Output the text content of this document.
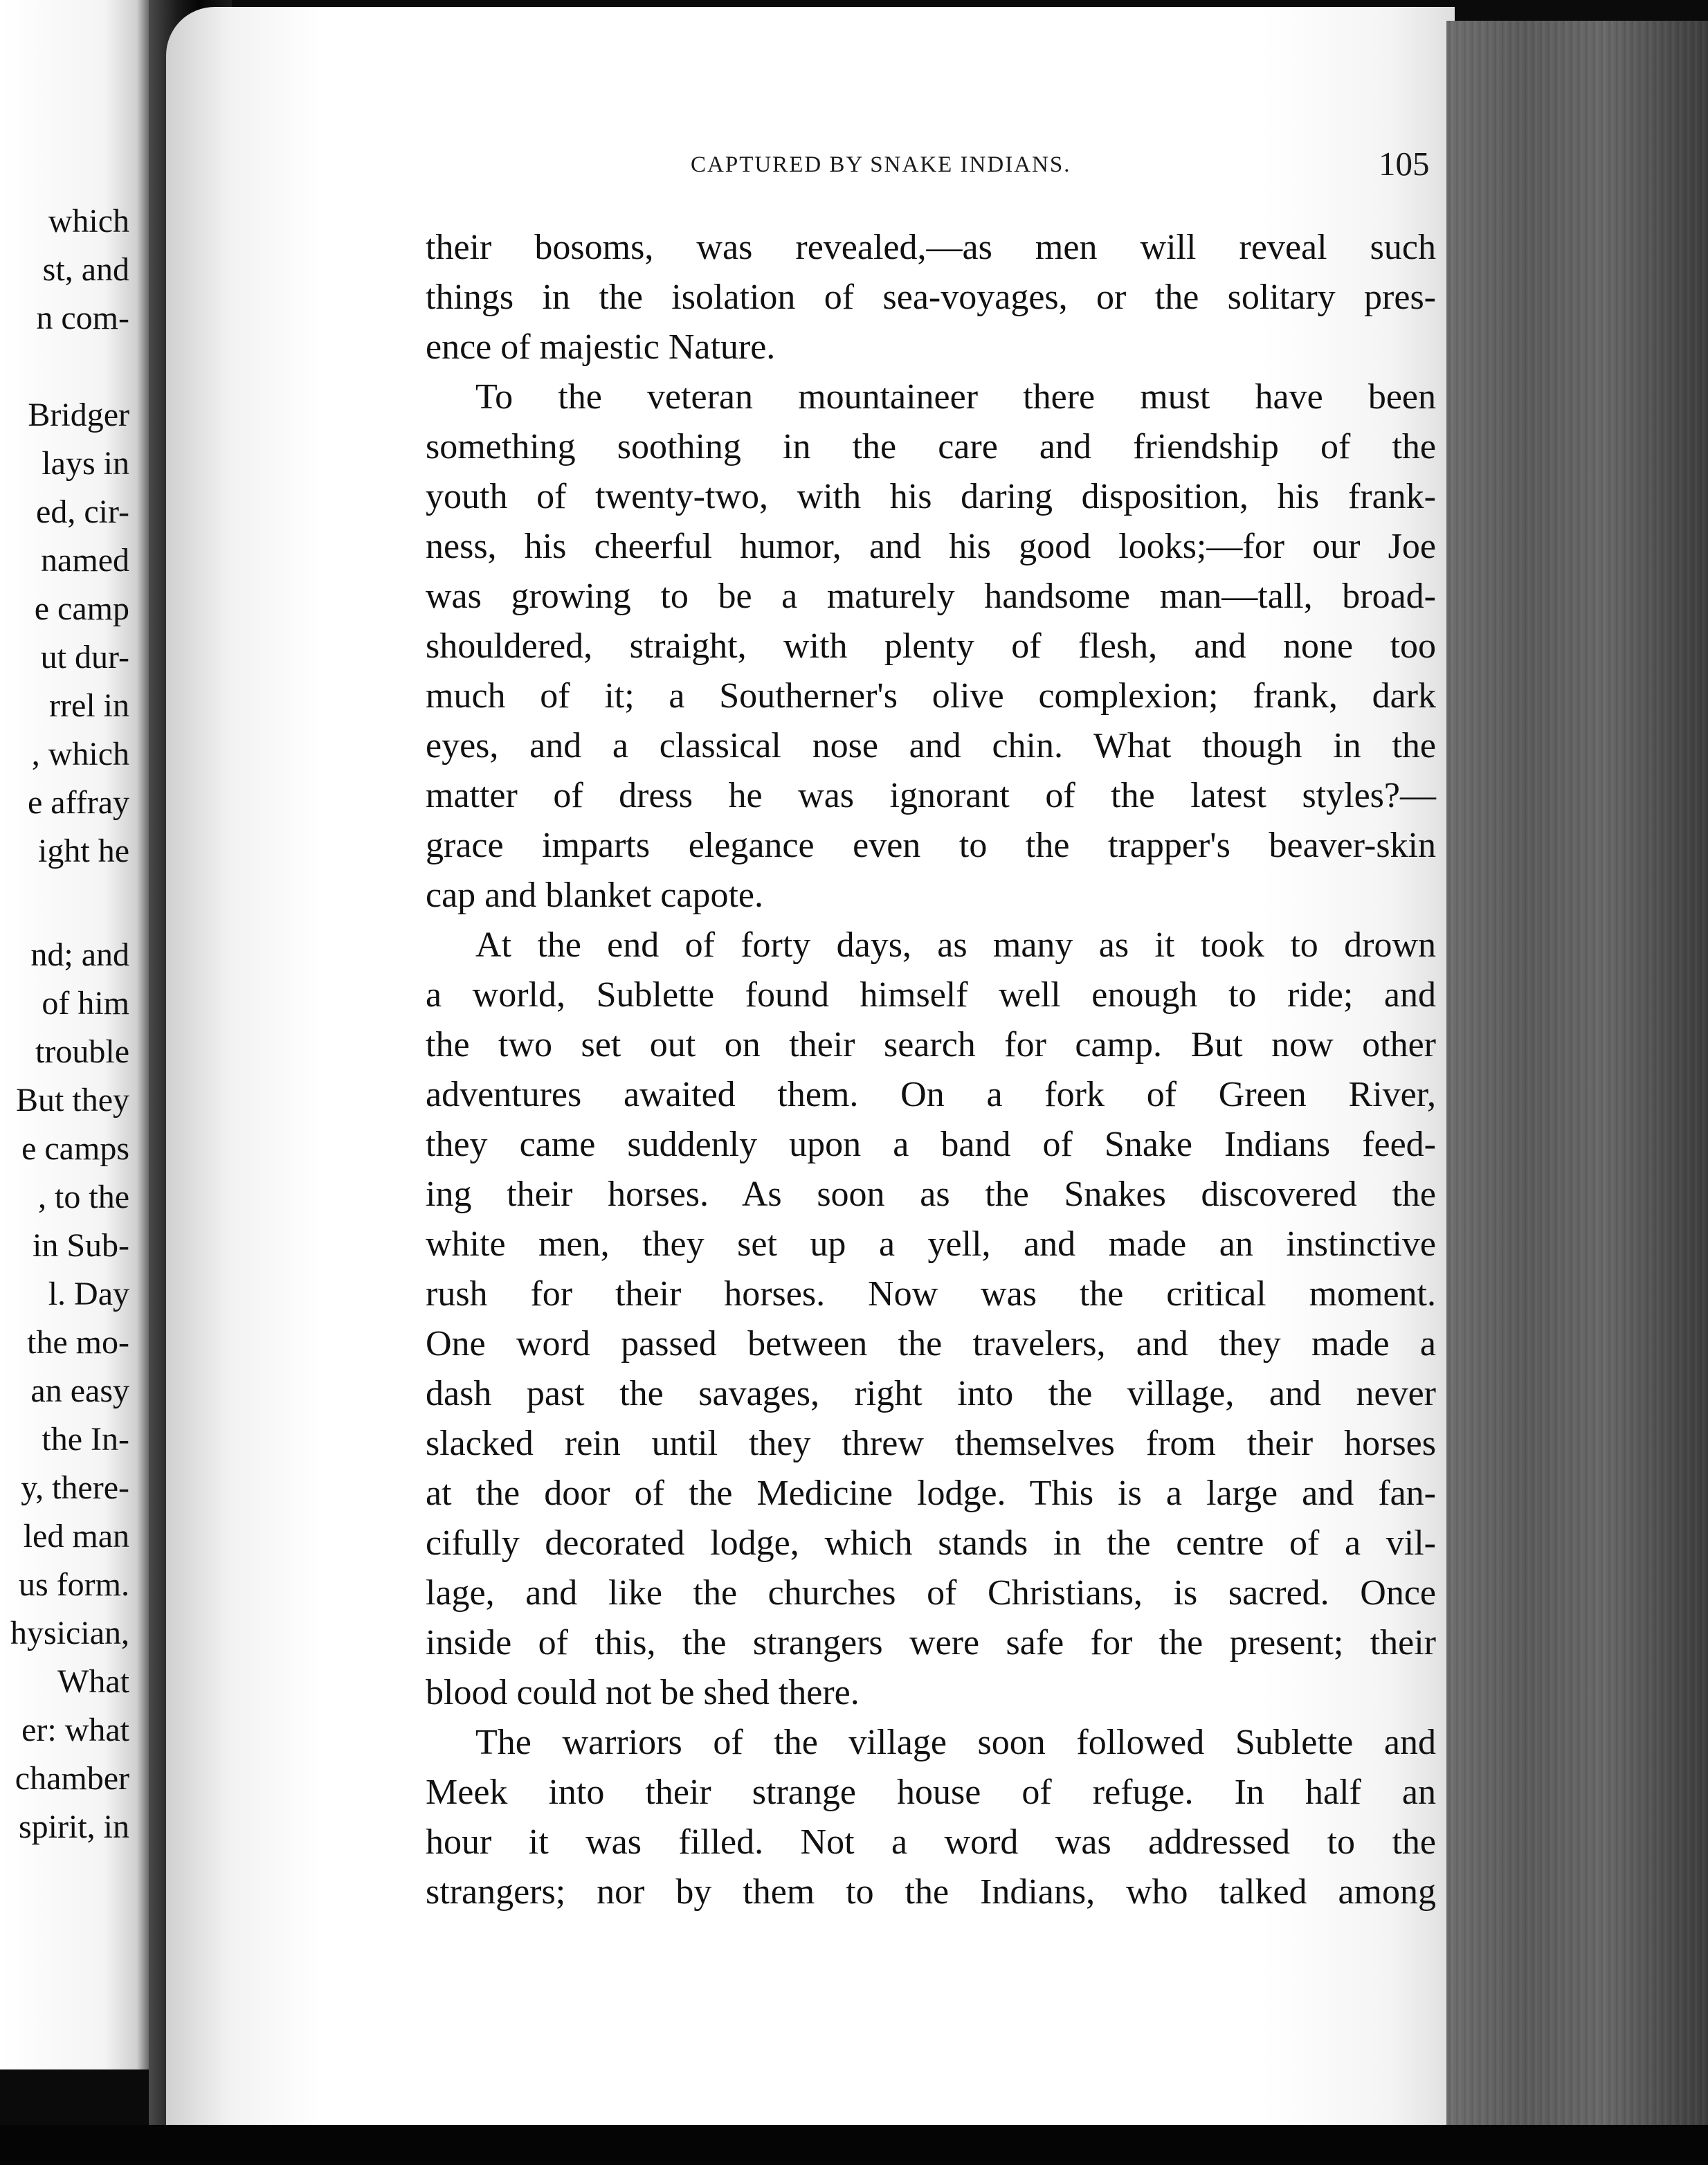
which
st, and
n com-
Bridger
lays in
ed, cir-
named
e camp
ut dur-
rrel in
, which
e affray
ight he
nd; and
of him
trouble
But they
e camps
, to the
in Sub-
l. Day
the mo-
an easy
the In-
y, there-
led man
us form.
hysician,
What
er: what
chamber
spirit, in
CAPTURED BY SNAKE INDIANS.	105
their bosoms, was revealed,—as men will reveal such
things in the isolation of sea-voyages, or the solitary pres-
ence of majestic Nature.
To the veteran mountaineer there must have been
something soothing in the care and friendship of the
youth of twenty-two, with his daring disposition, his frank-
ness, his cheerful humor, and his good looks;—for our Joe
was growing to be a maturely handsome man—tall, broad-
shouldered, straight, with plenty of flesh, and none too
much of it; a Southerner's olive complexion; frank, dark
eyes, and a classical nose and chin. What though in the
matter of dress he was ignorant of the latest styles?—
grace imparts elegance even to the trapper's beaver-skin
cap and blanket capote.
At the end of forty days, as many as it took to drown
a world, Sublette found himself well enough to ride; and
the two set out on their search for camp. But now other
adventures awaited them. On a fork of Green River,
they came suddenly upon a band of Snake Indians feed-
ing their horses. As soon as the Snakes discovered the
white men, they set up a yell, and made an instinctive
rush for their horses. Now was the critical moment.
One word passed between the travelers, and they made a
dash past the savages, right into the village, and never
slacked rein until they threw themselves from their horses
at the door of the Medicine lodge. This is a large and fan-
cifully decorated lodge, which stands in the centre of a vil-
lage, and like the churches of Christians, is sacred. Once
inside of this, the strangers were safe for the present; their
blood could not be shed there.
The warriors of the village soon followed Sublette and
Meek into their strange house of refuge. In half an
hour it was filled. Not a word was addressed to the
strangers; nor by them to the Indians, who talked among
